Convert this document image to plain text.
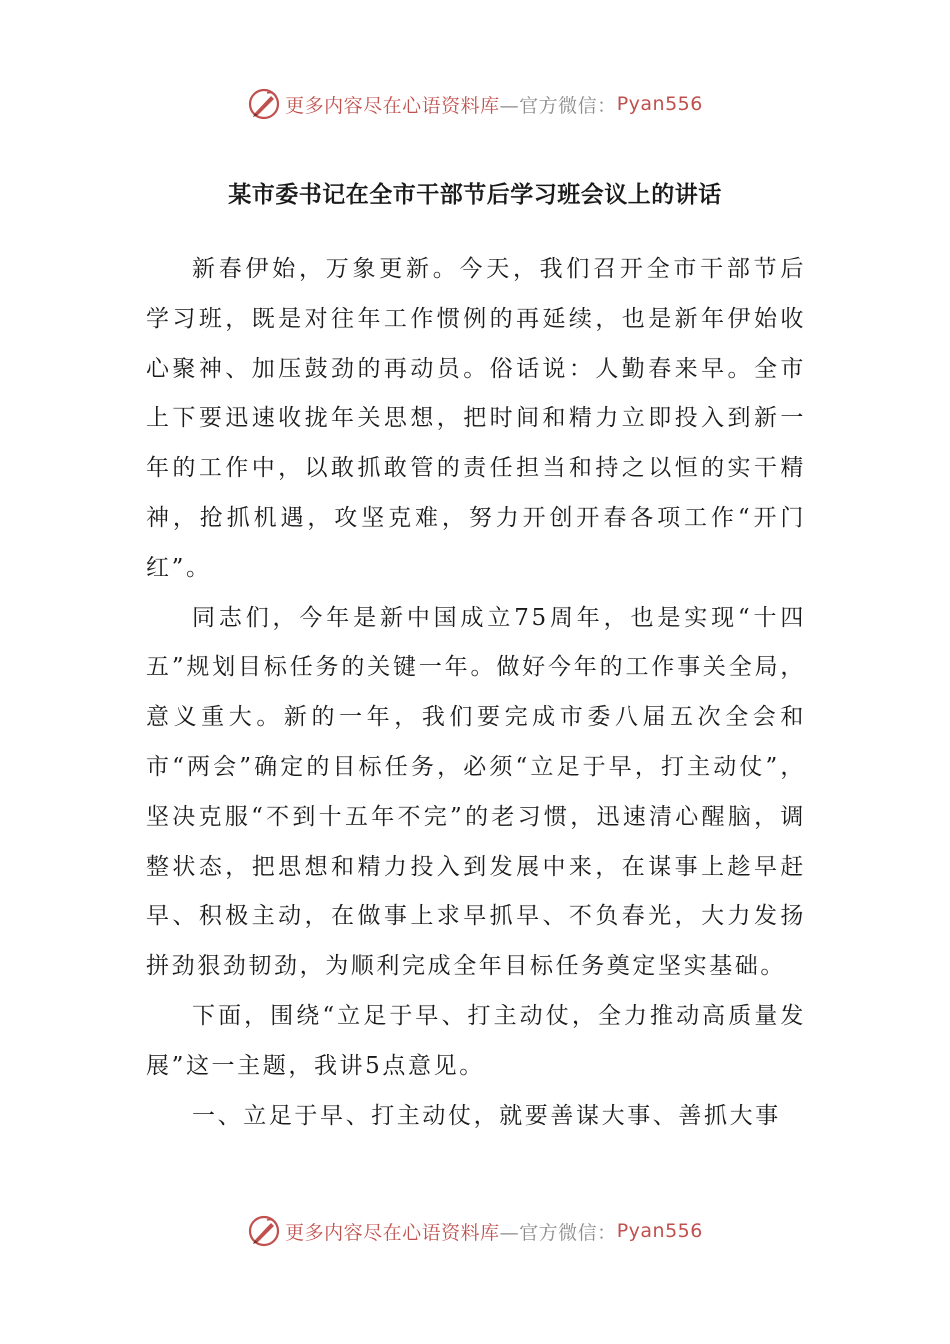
更多内容尽在心语资料库 —官方微信： Pyan556
某市委书记在全市干部节后学习班会议上的讲话

新春伊始，万象更新。今天，我们召开全市干部节后学习班，既是对往年工作惯例的再延续，也是新年伊始收心聚神、加压鼓劲的再动员。俗话说：人勤春来早。全市上下要迅速收拢年关思想，把时间和精力立即投入到新一年的工作中，以敢抓敢管的责任担当和持之以恒的实干精神，抢抓机遇，攻坚克难，努力开创开春各项工作“开门红”。

同志们，今年是新中国成立75周年，也是实现“十四五”规划目标任务的关键一年。做好今年的工作事关全局，意义重大。新的一年，我们要完成市委八届五次全会和市“两会”确定的目标任务，必须“立足于早，打主动仗”，坚决克服“不到十五年不完”的老习惯，迅速清心醒脑，调整状态，把思想和精力投入到发展中来，在谋事上趁早赶早、积极主动，在做事上求早抓早、不负春光，大力发扬拼劲狠劲韧劲，为顺利完成全年目标任务奠定坚实基础。

下面，围绕“立足于早、打主动仗，全力推动高质量发展”这一主题，我讲5点意见。

一、立足于早、打主动仗，就要善谋大事、善抓大事

更多内容尽在心语资料库 —官方微信： Pyan556
